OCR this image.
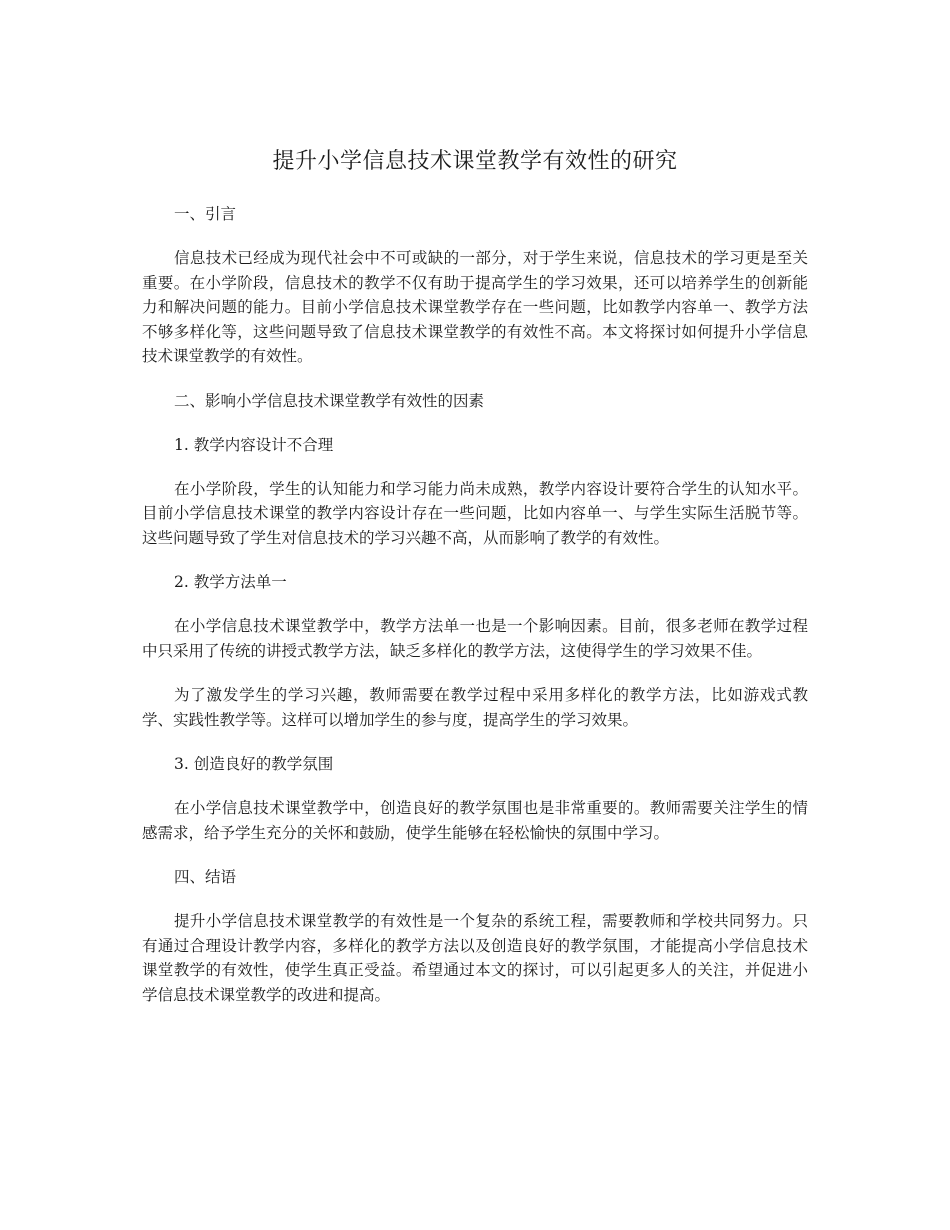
提升小学信息技术课堂教学有效性的研究

一、引言

信息技术已经成为现代社会中不可或缺的一部分，对于学生来说，信息技术的学习更是至关重要。在小学阶段，信息技术的教学不仅有助于提高学生的学习效果，还可以培养学生的创新能力和解决问题的能力。目前小学信息技术课堂教学存在一些问题，比如教学内容单一、教学方法不够多样化等，这些问题导致了信息技术课堂教学的有效性不高。本文将探讨如何提升小学信息技术课堂教学的有效性。

二、影响小学信息技术课堂教学有效性的因素

1. 教学内容设计不合理

在小学阶段，学生的认知能力和学习能力尚未成熟，教学内容设计要符合学生的认知水平。目前小学信息技术课堂的教学内容设计存在一些问题，比如内容单一、与学生实际生活脱节等。这些问题导致了学生对信息技术的学习兴趣不高，从而影响了教学的有效性。

2. 教学方法单一

在小学信息技术课堂教学中，教学方法单一也是一个影响因素。目前，很多老师在教学过程中只采用了传统的讲授式教学方法，缺乏多样化的教学方法，这使得学生的学习效果不佳。

为了激发学生的学习兴趣，教师需要在教学过程中采用多样化的教学方法，比如游戏式教学、实践性教学等。这样可以增加学生的参与度，提高学生的学习效果。

3. 创造良好的教学氛围

在小学信息技术课堂教学中，创造良好的教学氛围也是非常重要的。教师需要关注学生的情感需求，给予学生充分的关怀和鼓励，使学生能够在轻松愉快的氛围中学习。

四、结语

提升小学信息技术课堂教学的有效性是一个复杂的系统工程，需要教师和学校共同努力。只有通过合理设计教学内容，多样化的教学方法以及创造良好的教学氛围，才能提高小学信息技术课堂教学的有效性，使学生真正受益。希望通过本文的探讨，可以引起更多人的关注，并促进小学信息技术课堂教学的改进和提高。
